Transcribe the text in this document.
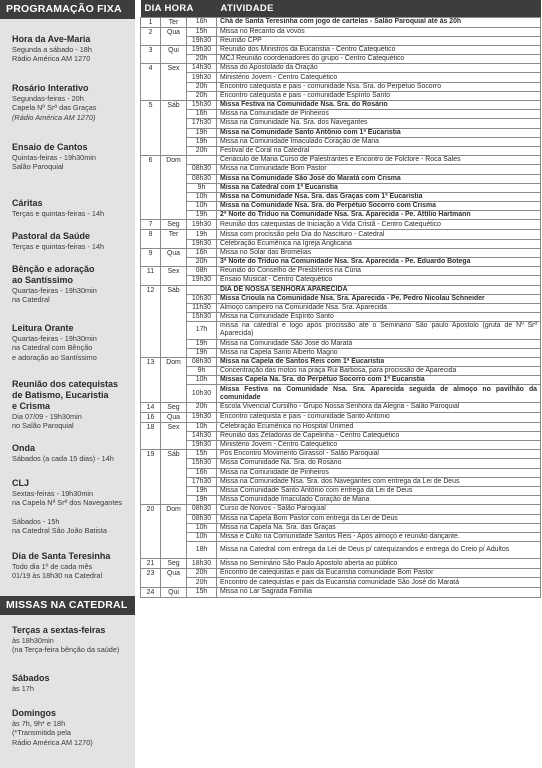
PROGRAMAÇÃO FIXA
Hora da Ave-Maria
Segunda a sábado - 18h
Rádio América AM 1270
Rosário Interativo
Segundas-feiras - 20h
Capela Nº Srª das Graças
(Rádio América AM 1270)
Ensaio de Cantos
Quintas-feiras - 19h30min
Salão Paroquial
Cáritas
Terças e quintas-feiras - 14h
Pastoral da Saúde
Terças e quintas-feiras - 14h
Bênção e adoração
ao Santíssimo
Quartas-feiras - 19h30min
na Catedral
Leitura Orante
Quartas-feiras - 19h30min
na Catedral com Bênção
e adoração ao Santíssimo
Reunião dos catequistas
de Batismo, Eucaristia
e Crisma
Dia 07/09 - 19h30min
no Salão Paroquial
Onda
Sábados (a cada 15 dias) - 14h
CLJ
Sextas-feiras - 19h30min
na Capela Nª Srª dos Navegantes
Sábados - 15h
na Catedral São João Batista
Dia de Santa Teresinha
Todo dia 1º de cada mês
01/19 às 18h30 na Catedral
MISSAS NA CATEDRAL
Terças a sextas-feiras
às 18h30min
(na Terça-feira bênção da saúde)
Sábados
às 17h
Domingos
às 7h, 9h* e 18h
(*Transmitida pela
Rádio América AM 1270)
DIA	HORA		ATIVIDADE
1	Ter	16h	Chá de Santa Teresinha com jogo de cartelas - Salão Paroquial até às 20h
2	Qua	15h	Missa no Recanto da vovós
		19h30	Reunião CPP
3	Qui	19h30	Reunião dos Ministros da Eucaristia - Centro Catequético
		20h	MCJ Reunião coordenadores do grupo - Centro Catequético
4	Sex	14h30	Missa do Apostolado da Oração
		19h30	Ministério Jovem - Centro Catequético
		20h	Encontro catequista e pais - comunidade Nsa. Sra. do Perpétuo Socorro
		20h	Encontro catequista e pais - comunidade Espírito Santo
5	Sáb	15h30	Missa Festiva na Comunidade Nsa. Sra. do Rosário
		16h	Missa na Comunidade de Pinheiros
		17h30	Missa na Comunidade Na. Sra. dos Navegantes
		19h	Missa na Comunidade Santo Antônio com 1ª Eucaristia
		19h	Missa na Comunidade Imaculado Coração de Maria
		20h	Festival de Coral na Catedral
6	Dom		Cenáculo de Maria Curso de Palestrantes e Encontro de Folclore - Roca Sales
		08h30	Missa na Comunidade Bom Pastor
		08h30	Missa na Comunidade São José do Maratá com Crisma
		9h	Missa na Catedral com 1ª Eucaristia
		10h	Missa na Comunidade Nsa. Sra. das Graças com 1ª Eucaristia
		10h	Missa na Comunidade Nsa. Sra. do Perpétuo Socorro com Crisma
		19h	2ª Noite do Tríduo na Comunidade Nsa. Sra. Aparecida - Pe. Attílio Hartmann
7	Seg	19h30	Reunião dos catequistas de Iniciação a Vida Cristã - Centro Catequético
8	Ter	19h	Missa com procissão pelo Dia do Nascituro - Catedral
		19h30	Celebração Ecumênica na Igreja Anglicana
9	Qua	16h	Missa no Solar das Bromélias
		20h	3ª Noite do Tríduo na Comunidade Nsa. Sra. Aparecida - Pe. Eduardo Botega
11	Sex	08h	Reunião do Conselho de Presbíteros na Cúria
		19h30	Ensaio Musicat - Centro Catequético
12	Sáb		DIA DE NOSSA SENHORA APARECIDA
		10h30	Missa Crioula na Comunidade Nsa. Sra. Aparecida - Pe. Pedro Nicolau Schneider
		11h30	Almoço campeiro na Comunidade Nsa. Sra. Aparecida
		15h30	Missa na Comunidade Espírito Santo
		17h	missa na catedral e logo após procissão até o Seminário São paulo Apostolo (gruta de Nº Srª Aparecida)
		19h	Missa na Comunidade São José do Maratá
		19h	Missa na Capela Santo Alberto Magno
13	Dom	08h30	Missa na Capela de Santos Reis com 1ª Eucaristia
		9h	Concentração das motos na praça Rui Barbosa, para procissão de Aparecida
		10h	Missas Capela Na. Sra. do Perpétuo Socorro com 1ª Eucaristia
		10h30	Missa Festiva na Comunidade Nsa. Sra. Aparecida seguida de almoço no pavilhão da comunidade
14	Seg	20h	Escola Vivencial Cursilho - Grupo Nossa Senhora da Alegria - Salão Paroquial
16	Qua	19h30	Encontro catequista e pais - comunidade Santo Antonio
18	Sex	10h	Celebração Ecumênica no Hospital Unimed
		14h30	Reunião das Zeladoras de Capelinha - Centro Catequético
		19h30	Ministério Jovem - Centro Catequético
19	Sáb	15h	Pós Encontro Movimento Girassol - Salão Paroquial
		15h30	Missa Comunidade Na. Sra. do Rosário
		16h	Missa na Comunidade de Pinheiros
		17h30	Missa na Comunidade Nsa. Sra. dos Navegantes com entrega da Lei de Deus
		19h	Missa Comunidade Santo Antônio com entrega da Lei de Deus
		19h	Missa Comunidade Imaculado Coração de Maria
20	Dom	08h30	Curso de Noivos - Salão Paroquial
		08h30	Missa na Capela Bom Pastor com entrega da Lei de Deus
		10h	Missa na Capela Na. Sra. das Graças
		10h	Missa e Culto na Comunidade Santos Reis - Após almoço e reunião dançante.
		18h	Missa na Catedral com entrega da Lei de Deus p/ catequizandos e entrega do Creio p/ Adultos
21	Seg	18h30	Missa no Seminário São Paulo Apostolo aberta ao público
23	Qua	20h	Encontro de catequistas e pais da Eucaristia comunidade Bom Pastor
		20h	Encontro de catequistas e pais da Eucaristia comunidade São José do Maratá
24	Qui	15h	Missa no Lar Sagrada Família
